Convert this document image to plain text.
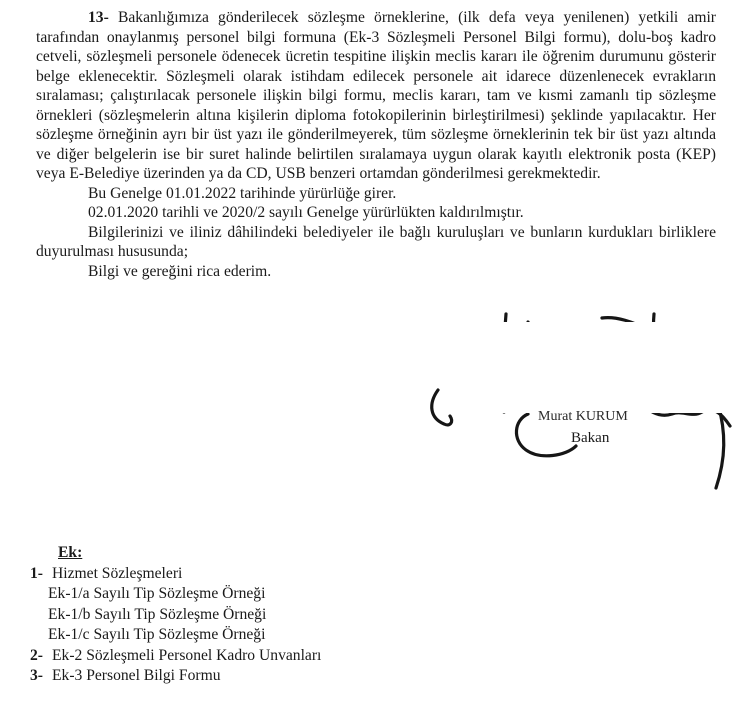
13- Bakanlığımıza gönderilecek sözleşme örneklerine, (ilk defa veya yenilenen) yetkili amir tarafından onaylanmış personel bilgi formuna (Ek-3 Sözleşmeli Personel Bilgi formu), dolu-boş kadro cetveli, sözleşmeli personele ödenecek ücretin tespitine ilişkin meclis kararı ile öğrenim durumunu gösterir belge eklenecektir. Sözleşmeli olarak istihdam edilecek personele ait idarece düzenlenecek evrakların sıralaması; çalıştırılacak personele ilişkin bilgi formu, meclis kararı, tam ve kısmi zamanlı tip sözleşme örnekleri (sözleşmelerin altına kişilerin diploma fotokopilerinin birleştirilmesi) şeklinde yapılacaktır. Her sözleşme örneğinin ayrı bir üst yazı ile gönderilmeyerek, tüm sözleşme örneklerinin tek bir üst yazı altında ve diğer belgelerin ise bir suret halinde belirtilen sıralamaya uygun olarak kayıtlı elektronik posta (KEP) veya E-Belediye üzerinden ya da CD, USB benzeri ortamdan gönderilmesi gerekmektedir.

Bu Genelge 01.01.2022 tarihinde yürürlüğe girer.

02.01.2020 tarihli ve 2020/2 sayılı Genelge yürürlükten kaldırılmıştır.

Bilgilerinizi ve iliniz dâhilindeki belediyeler ile bağlı kuruluşları ve bunların kurdukları birliklere duyurulması hususunda;

Bilgi ve gereğini rica ederim.

Murat KURUM
Bakan

Ek:

1- Hizmet Sözleşmeleri
Ek-1/a Sayılı Tip Sözleşme Örneği
Ek-1/b Sayılı Tip Sözleşme Örneği
Ek-1/c Sayılı Tip Sözleşme Örneği
2- Ek-2 Sözleşmeli Personel Kadro Unvanları
3- Ek-3 Personel Bilgi Formu
